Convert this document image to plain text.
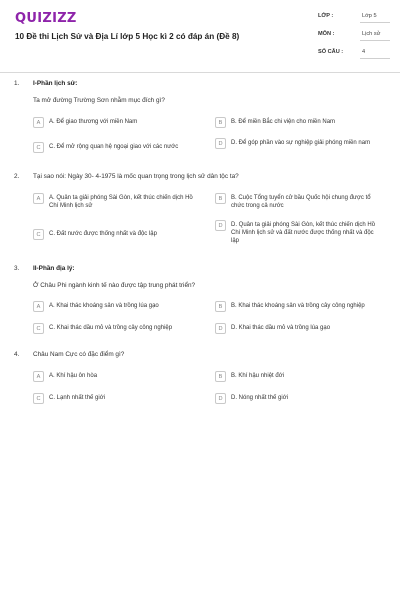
QUIZIZZ
10 Đề thi Lịch Sử và Địa Lí lớp 5 Học kì 2 có đáp án (Đề 8)
LỚP :	Lớp 5
MÔN :	Lịch sử
SỐ CÂU :	4
1. I-Phần lịch sử:
Ta mở đường Trường Sơn nhằm mục đích gì?
A	A. Để giao thương với miền Nam	B	B. Để miền Bắc chi viện cho miền Nam
C	C. Để mở rộng quan hệ ngoại giao với các nước
D	D. Để góp phần vào sự nghiệp giải phóng miền nam
2. Tại sao nói: Ngày 30- 4-1975 là mốc quan trọng trong lịch sử dân tộc ta?
A	A. Quân ta giải phóng Sài Gòn, kết thúc chiến dịch Hồ Chí Minh lịch sử
B	B. Cuộc Tổng tuyển cử bầu Quốc hội chung được tổ chức trong cả nước
C	C. Đất nước được thống nhất và độc lập
D	D. Quân ta giải phóng Sài Gòn, kết thúc chiến dịch Hồ Chí Minh lịch sử và đất nước được thống nhất và độc lập
3. II-Phần địa lý:
Ở Châu Phi ngành kinh tế nào được tập trung phát triển?
A	A. Khai thác khoáng sản và trồng lúa gạo	B	B. Khai thác khoáng sản và trồng cây công nghiệp
C	C. Khai thác dầu mỏ và trồng cây công nghiệp	D	D. Khai thác dầu mỏ và trồng lúa gạo
4. Châu Nam Cực có đặc điểm gì?
A	A. Khí hậu ôn hòa	B	B. Khí hậu nhiệt đới
C	C. Lạnh nhất thế giới	D	D. Nóng nhất thế giới
